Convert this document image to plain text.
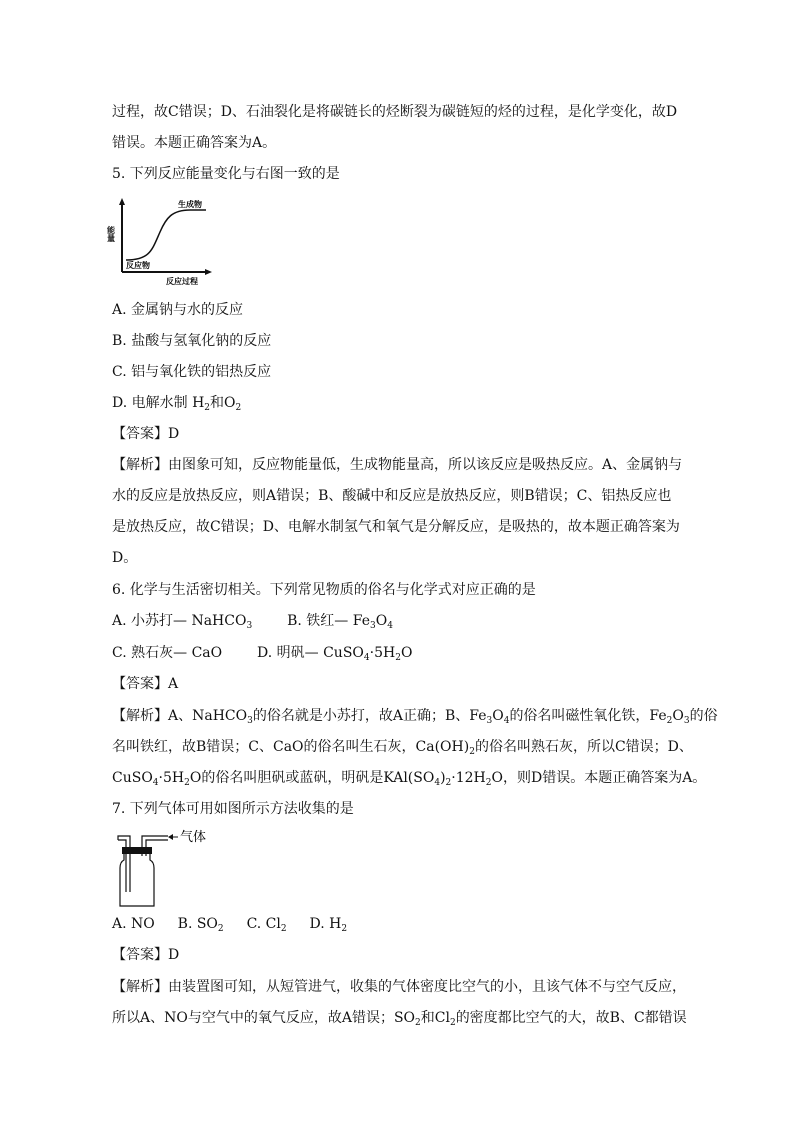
过程，故C错误；D、石油裂化是将碳链长的烃断裂为碳链短的烃的过程，是化学变化，故D
错误。本题正确答案为A。
5. 下列反应能量变化与右图一致的是
能量
生成物
反应物
反应过程
A. 金属钠与水的反应
B. 盐酸与氢氧化钠的反应
C. 铝与氧化铁的铝热反应
D. 电解水制 $H_2$和$O_2$
【答案】D
【解析】由图象可知，反应物能量低，生成物能量高，所以该反应是吸热反应。A、金属钠与
水的反应是放热反应，则A错误；B、酸碱中和反应是放热反应，则B错误；C、铝热反应也
是放热反应，故C错误；D、电解水制氢气和氧气是分解反应，是吸热的，故本题正确答案为
D。
6. 化学与生活密切相关。下列常见物质的俗名与化学式对应正确的是
A. 小苏打— NaHCO$_3$ B. 铁红— $Fe_3O_4$
C. 熟石灰— CaO D. 明矾— $CuSO_4\cdot 5H_2O$
【答案】A
【解析】A、NaHCO$_3$的俗名就是小苏打，故A正确；B、$Fe_3O_4$的俗名叫磁性氧化铁，$Fe_2O_3$的俗
名叫铁红，故B错误；C、CaO的俗名叫生石灰，$Ca(OH)_2$的俗名叫熟石灰，所以C错误；D、
$CuSO_4\cdot 5H_2O$的俗名叫胆矾或蓝矾，明矾是$KAl(SO_4)_2\cdot 12H_2O$，则D错误。本题正确答案为A。
7. 下列气体可用如图所示方法收集的是
气体
A. NO B. $SO_2$ C. $Cl_2$ D. $H_2$
【答案】D
【解析】由装置图可知，从短管进气，收集的气体密度比空气的小，且该气体不与空气反应，
所以A、NO与空气中的氧气反应，故A错误；$SO_2$和$Cl_2$的密度都比空气的大，故B、C都错误
